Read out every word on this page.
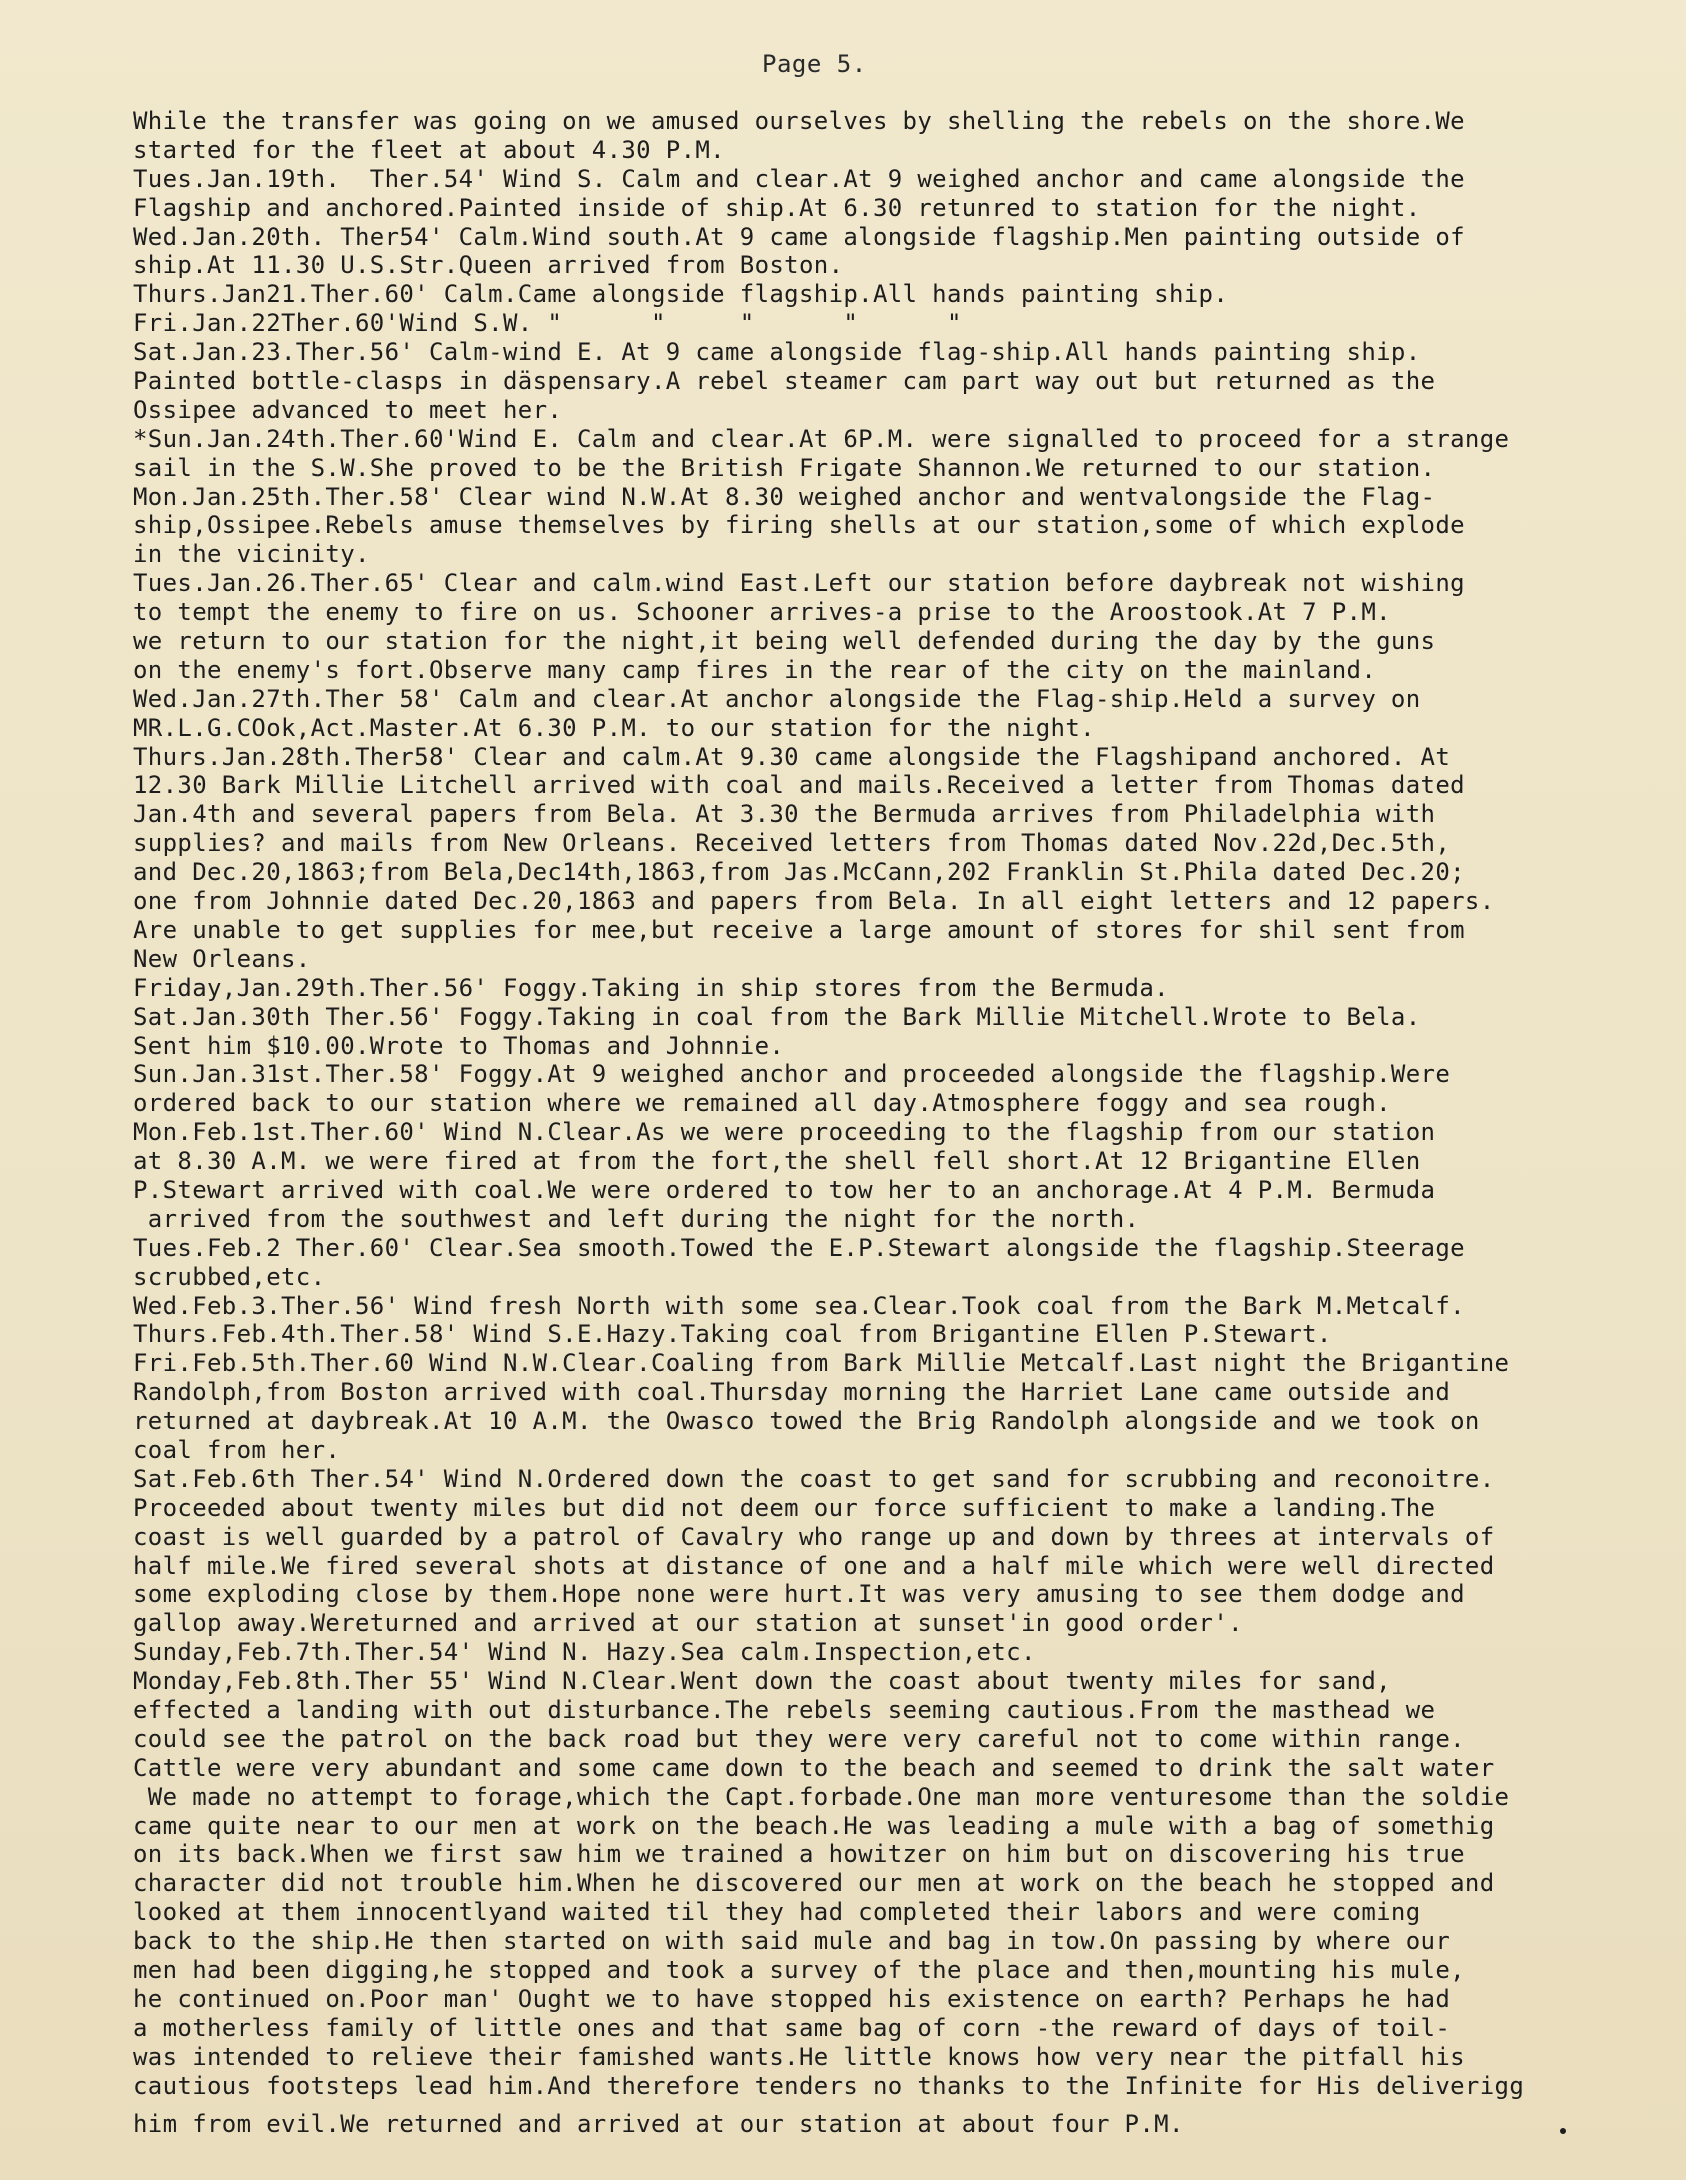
Page 5.
While the transfer was going on we amused ourselves by shelling the rebels on the shore.We
started for the fleet at about 4.30 P.M.
Tues.Jan.19th.  Ther.54' Wind S. Calm and clear.At 9 weighed anchor and came alongside the
Flagship and anchored.Painted inside of ship.At 6.30 retunred to station for the night.
Wed.Jan.20th. Ther54' Calm.Wind south.At 9 came alongside flagship.Men painting outside of
ship.At 11.30 U.S.Str.Queen arrived from Boston.
Thurs.Jan21.Ther.60' Calm.Came alongside flagship.All hands painting ship.
Fri.Jan.22Ther.60'Wind S.W. "      "     "      "      "
Sat.Jan.23.Ther.56' Calm-wind E. At 9 came alongside flag-ship.All hands painting ship.
Painted bottle-clasps in däspensary.A rebel steamer cam part way out but returned as the
Ossipee advanced to meet her.
*Sun.Jan.24th.Ther.60'Wind E. Calm and clear.At 6P.M. were signalled to proceed for a strange
sail in the S.W.She proved to be the British Frigate Shannon.We returned to our station.
Mon.Jan.25th.Ther.58' Clear wind N.W.At 8.30 weighed anchor and wentvalongside the Flag-
ship,Ossipee.Rebels amuse themselves by firing shells at our station,some of which explode
in the vicinity.
Tues.Jan.26.Ther.65' Clear and calm.wind East.Left our station before daybreak not wishing
to tempt the enemy to fire on us. Schooner arrives-a prise to the Aroostook.At 7 P.M.
we return to our station for the night,it being well defended during the day by the guns
on the enemy's fort.Observe many camp fires in the rear of the city on the mainland.
Wed.Jan.27th.Ther 58' Calm and clear.At anchor alongside the Flag-ship.Held a survey on
MR.L.G.COok,Act.Master.At 6.30 P.M. to our station for the night.
Thurs.Jan.28th.Ther58' Clear and calm.At 9.30 came alongside the Flagshipand anchored. At
12.30 Bark Millie Litchell arrived with coal and mails.Received a letter from Thomas dated
Jan.4th and several papers from Bela. At 3.30 the Bermuda arrives from Philadelphia with
supplies? and mails from New Orleans. Received letters from Thomas dated Nov.22d,Dec.5th,
and Dec.20,1863;from Bela,Dec14th,1863,from Jas.McCann,202 Franklin St.Phila dated Dec.20;
one from Johnnie dated Dec.20,1863 and papers from Bela. In all eight letters and 12 papers.
Are unable to get supplies for mee,but receive a large amount of stores for shil sent from
New Orleans.
Friday,Jan.29th.Ther.56' Foggy.Taking in ship stores from the Bermuda.
Sat.Jan.30th Ther.56' Foggy.Taking in coal from the Bark Millie Mitchell.Wrote to Bela.
Sent him $10.00.Wrote to Thomas and Johnnie.
Sun.Jan.31st.Ther.58' Foggy.At 9 weighed anchor and proceeded alongside the flagship.Were
ordered back to our station where we remained all day.Atmosphere foggy and sea rough.
Mon.Feb.1st.Ther.60' Wind N.Clear.As we were proceeding to the flagship from our station
at 8.30 A.M. we were fired at from the fort,the shell fell short.At 12 Brigantine Ellen
P.Stewart arrived with coal.We were ordered to tow her to an anchorage.At 4 P.M. Bermuda
arrived from the southwest and left during the night for the north.
Tues.Feb.2 Ther.60' Clear.Sea smooth.Towed the E.P.Stewart alongside the flagship.Steerage
scrubbed,etc.
Wed.Feb.3.Ther.56' Wind fresh North with some sea.Clear.Took coal from the Bark M.Metcalf.
Thurs.Feb.4th.Ther.58' Wind S.E.Hazy.Taking coal from Brigantine Ellen P.Stewart.
Fri.Feb.5th.Ther.60 Wind N.W.Clear.Coaling from Bark Millie Metcalf.Last night the Brigantine
Randolph,from Boston arrived with coal.Thursday morning the Harriet Lane came outside and
returned at daybreak.At 10 A.M. the Owasco towed the Brig Randolph alongside and we took on
coal from her.
Sat.Feb.6th Ther.54' Wind N.Ordered down the coast to get sand for scrubbing and reconoitre.
Proceeded about twenty miles but did not deem our force sufficient to make a landing.The
coast is well guarded by a patrol of Cavalry who range up and down by threes at intervals of
half mile.We fired several shots at distance of one and a half mile which were well directed
some exploding close by them.Hope none were hurt.It was very amusing to see them dodge and
gallop away.Wereturned and arrived at our station at sunset'in good order'.
Sunday,Feb.7th.Ther.54' Wind N. Hazy.Sea calm.Inspection,etc.
Monday,Feb.8th.Ther 55' Wind N.Clear.Went down the coast about twenty miles for sand,
effected a landing with out disturbance.The rebels seeming cautious.From the masthead we
could see the patrol on the back road but they were very careful not to come within range.
Cattle were very abundant and some came down to the beach and seemed to drink the salt water
We made no attempt to forage,which the Capt.forbade.One man more venturesome than the soldie
came quite near to our men at work on the beach.He was leading a mule with a bag of somethig
on its back.When we first saw him we trained a howitzer on him but on discovering his true
character did not trouble him.When he discovered our men at work on the beach he stopped and
looked at them innocentlyand waited til they had completed their labors and were coming
back to the ship.He then started on with said mule and bag in tow.On passing by where our
men had been digging,he stopped and took a survey of the place and then,mounting his mule,
he continued on.Poor man' Ought we to have stopped his existence on earth? Perhaps he had
a motherless family of little ones and that same bag of corn -the reward of days of toil-
was intended to relieve their famished wants.He little knows how very near the pitfall his
cautious footsteps lead him.And therefore tenders no thanks to the Infinite for His deliverigg
him from evil.We returned and arrived at our station at about four P.M.
